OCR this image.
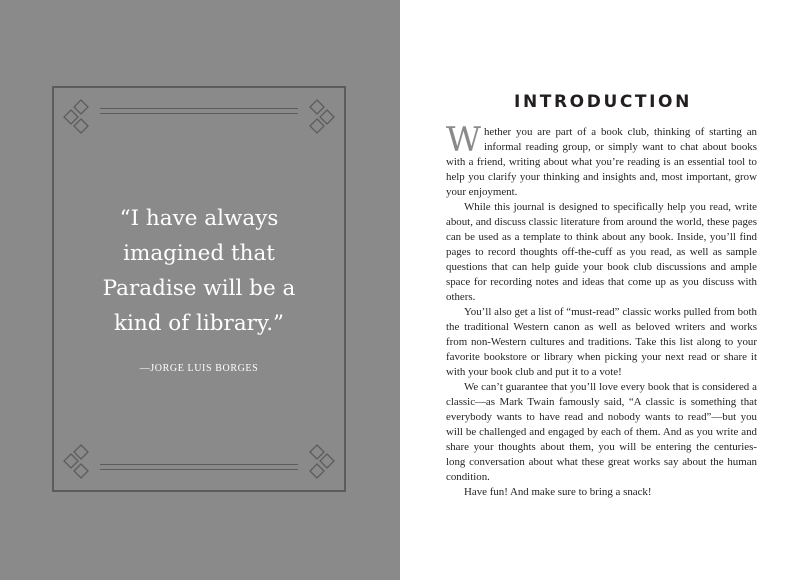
“I have always imagined that Paradise will be a kind of library.”
—JORGE LUIS BORGES
INTRODUCTION

Whether you are part of a book club, thinking of starting an informal reading group, or simply want to chat about books with a friend, writing about what you’re reading is an essential tool to help you clarify your thinking and insights and, most important, grow your enjoyment.

While this journal is designed to specifically help you read, write about, and discuss classic literature from around the world, these pages can be used as a template to think about any book. Inside, you’ll find pages to record thoughts off-the-cuff as you read, as well as sample questions that can help guide your book club discussions and ample space for recording notes and ideas that come up as you discuss with others.

You’ll also get a list of “must-read” classic works pulled from both the traditional Western canon as well as beloved writers and works from non-Western cultures and traditions. Take this list along to your favorite bookstore or library when picking your next read or share it with your book club and put it to a vote!

We can’t guarantee that you’ll love every book that is considered a classic—as Mark Twain famously said, “A classic is something that everybody wants to have read and nobody wants to read”—but you will be challenged and engaged by each of them. And as you write and share your thoughts about them, you will be entering the centuries-long conversation about what these great works say about the human condition.

Have fun! And make sure to bring a snack!
